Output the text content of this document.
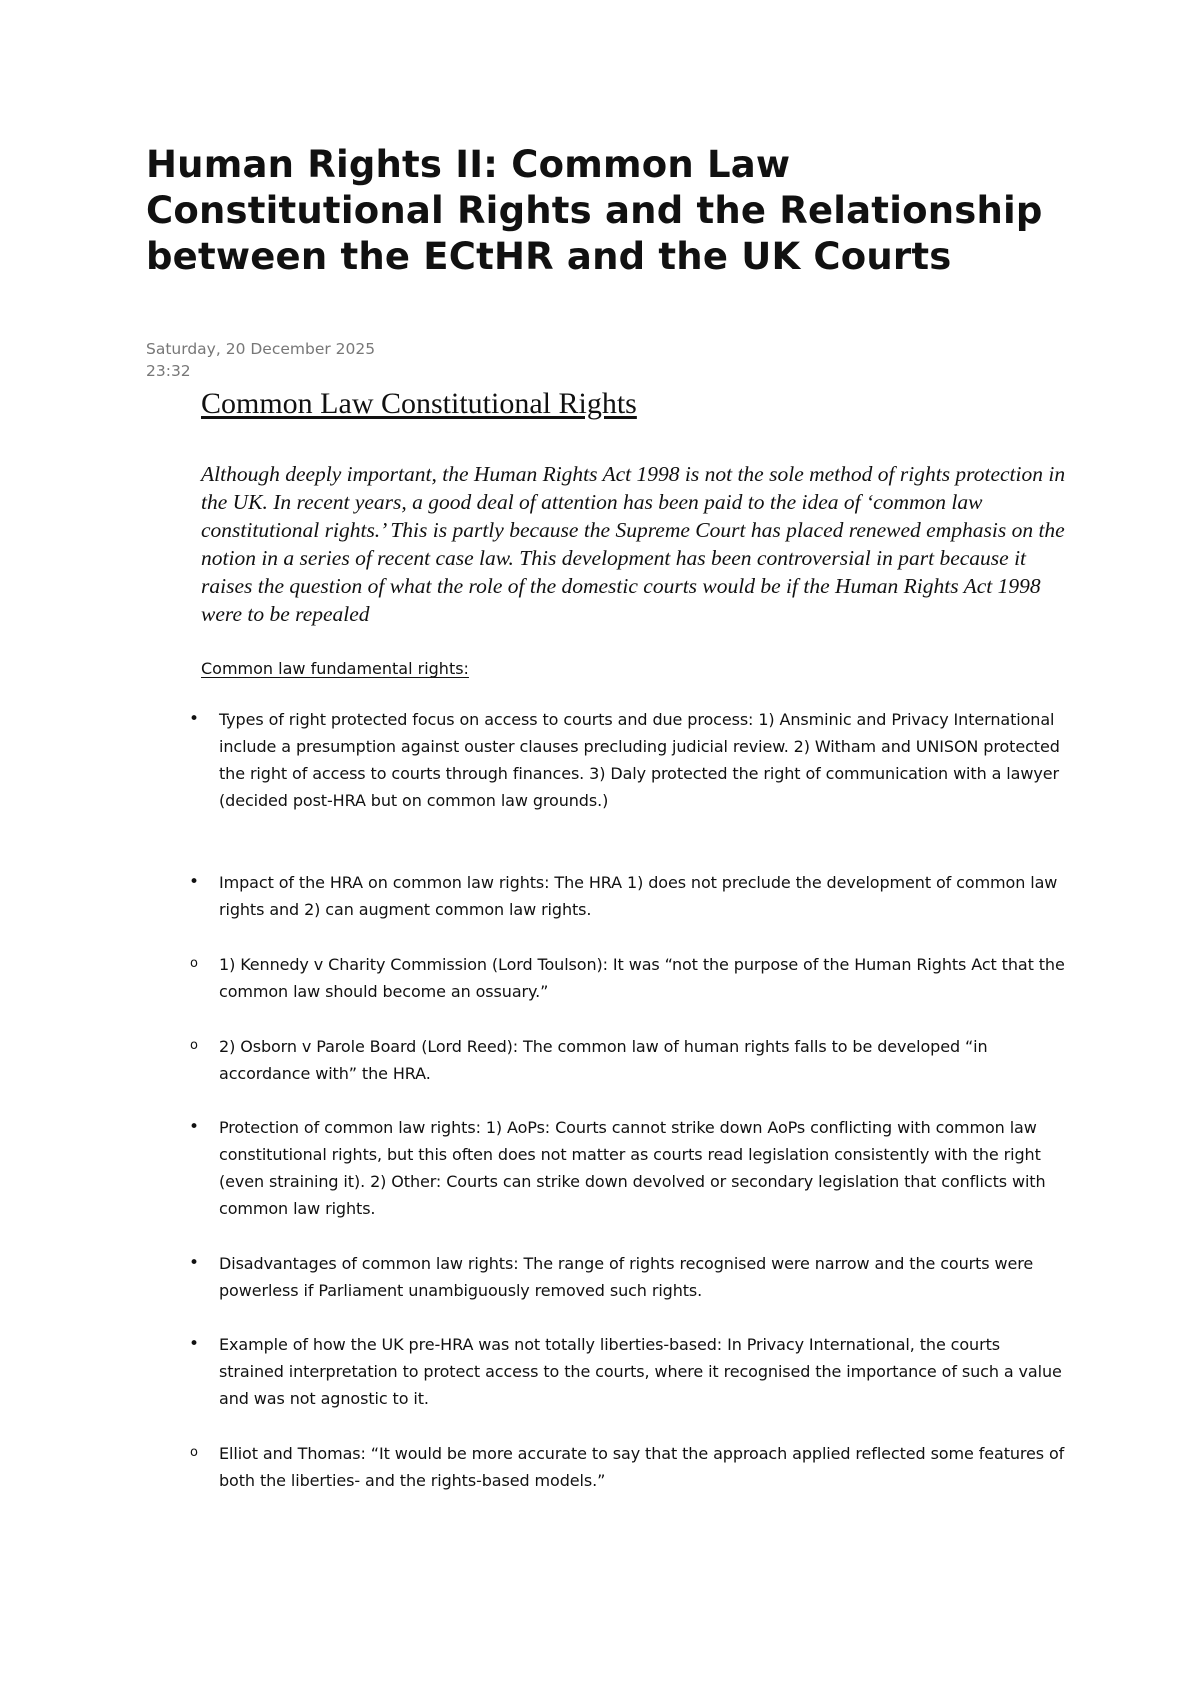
Human Rights II: Common Law Constitutional Rights and the Relationship between the ECtHR and the UK Courts
Saturday, 20 December 2025
23:32
Common Law Constitutional Rights

Although deeply important, the Human Rights Act 1998 is not the sole method of rights protection in the UK. In recent years, a good deal of attention has been paid to the idea of ‘common law constitutional rights.’ This is partly because the Supreme Court has placed renewed emphasis on the notion in a series of recent case law. This development has been controversial in part because it raises the question of what the role of the domestic courts would be if the Human Rights Act 1998 were to be repealed

Common law fundamental rights:
• Types of right protected focus on access to courts and due process: 1) Ansminic and Privacy International include a presumption against ouster clauses precluding judicial review. 2) Witham and UNISON protected the right of access to courts through finances. 3) Daly protected the right of communication with a lawyer (decided post-HRA but on common law grounds.)

• Impact of the HRA on common law rights: The HRA 1) does not preclude the development of common law rights and 2) can augment common law rights.

o 1) Kennedy v Charity Commission (Lord Toulson): It was “not the purpose of the Human Rights Act that the common law should become an ossuary.”

o 2) Osborn v Parole Board (Lord Reed): The common law of human rights falls to be developed “in accordance with” the HRA.

• Protection of common law rights: 1) AoPs: Courts cannot strike down AoPs conflicting with common law constitutional rights, but this often does not matter as courts read legislation consistently with the right (even straining it). 2) Other: Courts can strike down devolved or secondary legislation that conflicts with common law rights.

• Disadvantages of common law rights: The range of rights recognised were narrow and the courts were powerless if Parliament unambiguously removed such rights.

• Example of how the UK pre-HRA was not totally liberties-based: In Privacy International, the courts strained interpretation to protect access to the courts, where it recognised the importance of such a value and was not agnostic to it.

o Elliot and Thomas: “It would be more accurate to say that the approach applied reflected some features of both the liberties- and the rights-based models.”
